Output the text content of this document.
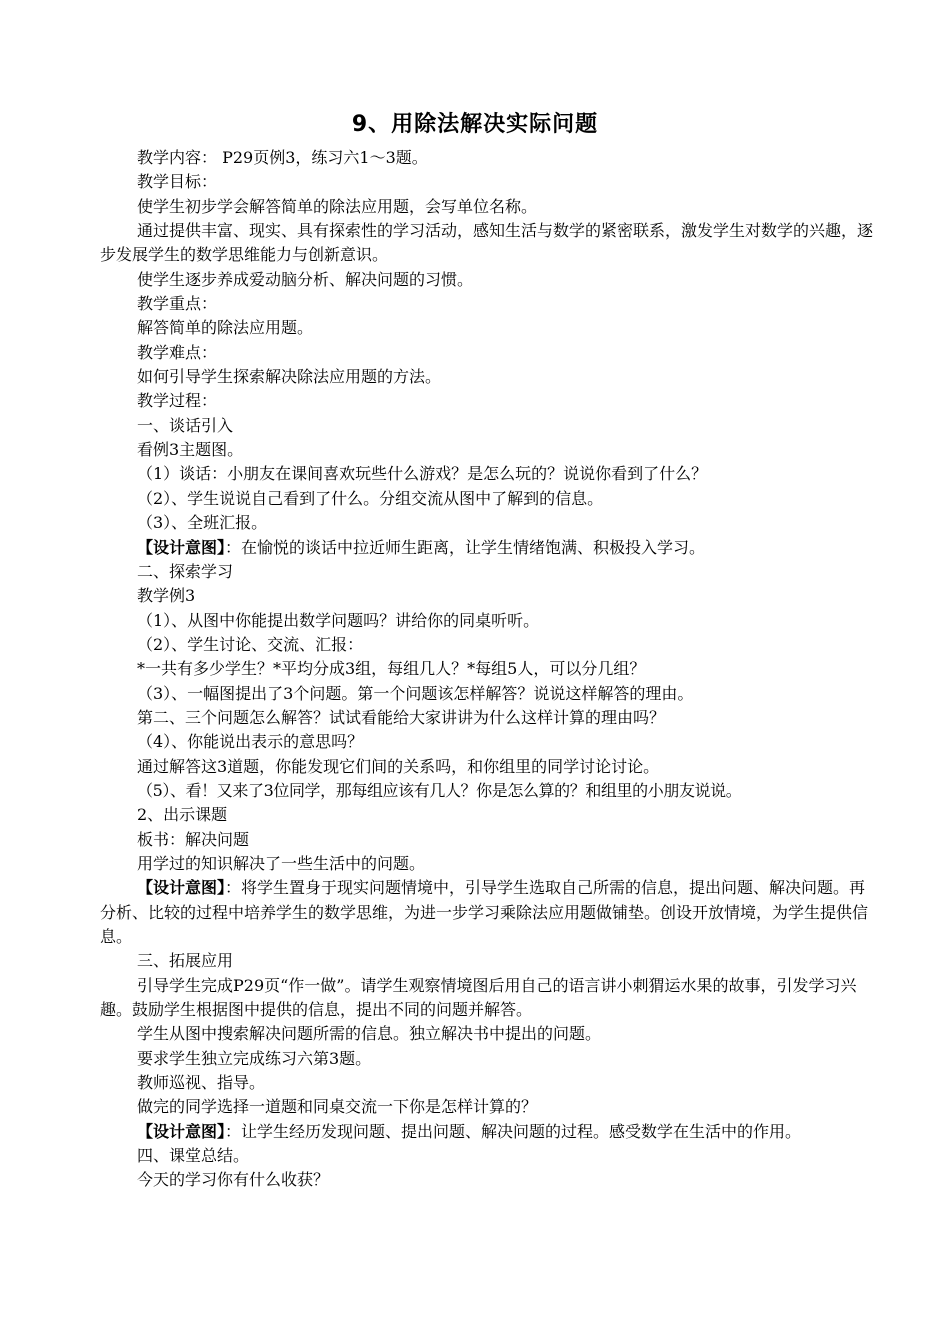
9、用除法解决实际问题

教学内容： P29页例3，练习六1～3题。

教学目标：

使学生初步学会解答简单的除法应用题，会写单位名称。

通过提供丰富、现实、具有探索性的学习活动，感知生活与数学的紧密联系，激发学生对数学的兴趣，逐步发展学生的数学思维能力与创新意识。

使学生逐步养成爱动脑分析、解决问题的习惯。

教学重点：

解答简单的除法应用题。

教学难点：

如何引导学生探索解决除法应用题的方法。

教学过程：

一、谈话引入

看例3主题图。

（1）谈话：小朋友在课间喜欢玩些什么游戏？是怎么玩的？说说你看到了什么？

（2）、学生说说自己看到了什么。分组交流从图中了解到的信息。

（3）、全班汇报。

【设计意图】：在愉悦的谈话中拉近师生距离，让学生情绪饱满、积极投入学习。

二、探索学习

教学例3

（1）、从图中你能提出数学问题吗？讲给你的同桌听听。

（2）、学生讨论、交流、汇报：

*一共有多少学生？*平均分成3组，每组几人？*每组5人，可以分几组？

（3）、一幅图提出了3个问题。第一个问题该怎样解答？说说这样解答的理由。

第二、三个问题怎么解答？试试看能给大家讲讲为什么这样计算的理由吗？

（4）、你能说出表示的意思吗？

通过解答这3道题，你能发现它们间的关系吗，和你组里的同学讨论讨论。

（5）、看！又来了3位同学，那每组应该有几人？你是怎么算的？和组里的小朋友说说。

2、出示课题

板书：解决问题

用学过的知识解决了一些生活中的问题。

【设计意图】：将学生置身于现实问题情境中，引导学生选取自己所需的信息，提出问题、解决问题。再分析、比较的过程中培养学生的数学思维，为进一步学习乘除法应用题做铺垫。创设开放情境，为学生提供信息。

三、拓展应用

引导学生完成P29页“作一做”。请学生观察情境图后用自己的语言讲小刺猬运水果的故事，引发学习兴趣。鼓励学生根据图中提供的信息，提出不同的问题并解答。

学生从图中搜索解决问题所需的信息。独立解决书中提出的问题。

要求学生独立完成练习六第3题。

教师巡视、指导。

做完的同学选择一道题和同桌交流一下你是怎样计算的？

【设计意图】：让学生经历发现问题、提出问题、解决问题的过程。感受数学在生活中的作用。

四、课堂总结。

今天的学习你有什么收获？
